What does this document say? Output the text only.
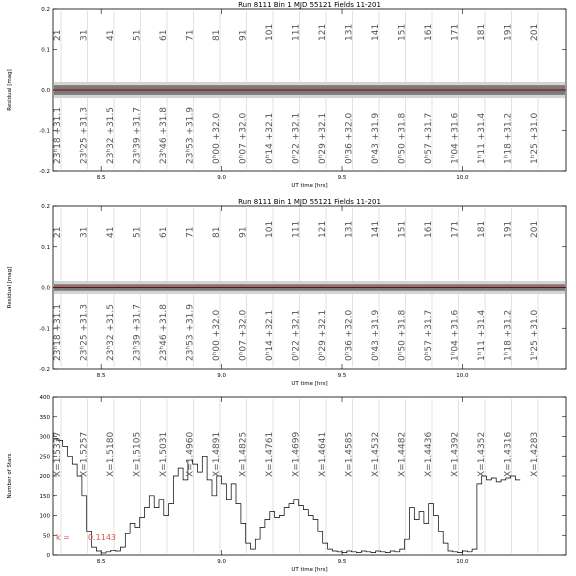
Run 8111 Bin 1 MJD 55121 Fields 11-201
-0.2
-0.1
0.0
0.1
0.2
8.5	9.0	9.5	10.0
UT time [hrs]
Residual [mag]
21
23ʰ18 +31.1
31
23ʰ25 +31.3
41
23ʰ32 +31.5
51
23ʰ39 +31.7
61
23ʰ46 +31.8
71
23ʰ53 +31.9
81
0ʰ00 +32.0
91
0ʰ07 +32.0
101
0ʰ14 +32.1
111
0ʰ22 +32.1
121
0ʰ29 +32.1
131
0ʰ36 +32.0
141
0ʰ43 +31.9
151
0ʰ50 +31.8
161
0ʰ57 +31.7
171
1ʰ04 +31.6
181
1ʰ11 +31.4
191
1ʰ18 +31.2
201
1ʰ25 +31.0
Run 8111 Bin 1 MJD 55121 Fields 11-201
-0.2
-0.1
0.0
0.1
0.2
8.5	9.0	9.5	10.0
UT time [hrs]
Residual [mag]
21
23ʰ18 +31.1
31
23ʰ25 +31.3
41
23ʰ32 +31.5
51
23ʰ39 +31.7
61
23ʰ46 +31.8
71
23ʰ53 +31.9
81
0ʰ00 +32.0
91
0ʰ07 +32.0
101
0ʰ14 +32.1
111
0ʰ22 +32.1
121
0ʰ29 +32.1
131
0ʰ36 +32.0
141
0ʰ43 +31.9
151
0ʰ50 +31.8
161
0ʰ57 +31.7
171
1ʰ04 +31.6
181
1ʰ11 +31.4
191
1ʰ18 +31.2
201
1ʰ25 +31.0
0
50
100
150
200
250
300
350
400
8.5	9.0	9.5	10.0
UT time [hrs]
Number of Stars	X=1.5337 X=1.5257 X=1.5180 X=1.5105 X=1.5031 X=1.4960 X=1.4891 X=1.4825 X=1.4761 X=1.4699 X=1.4641 X=1.4585 X=1.4532 X=1.4482 X=1.4436 X=1.4392 X=1.4352 X=1.4316 X=1.4283
k = 0.1143
